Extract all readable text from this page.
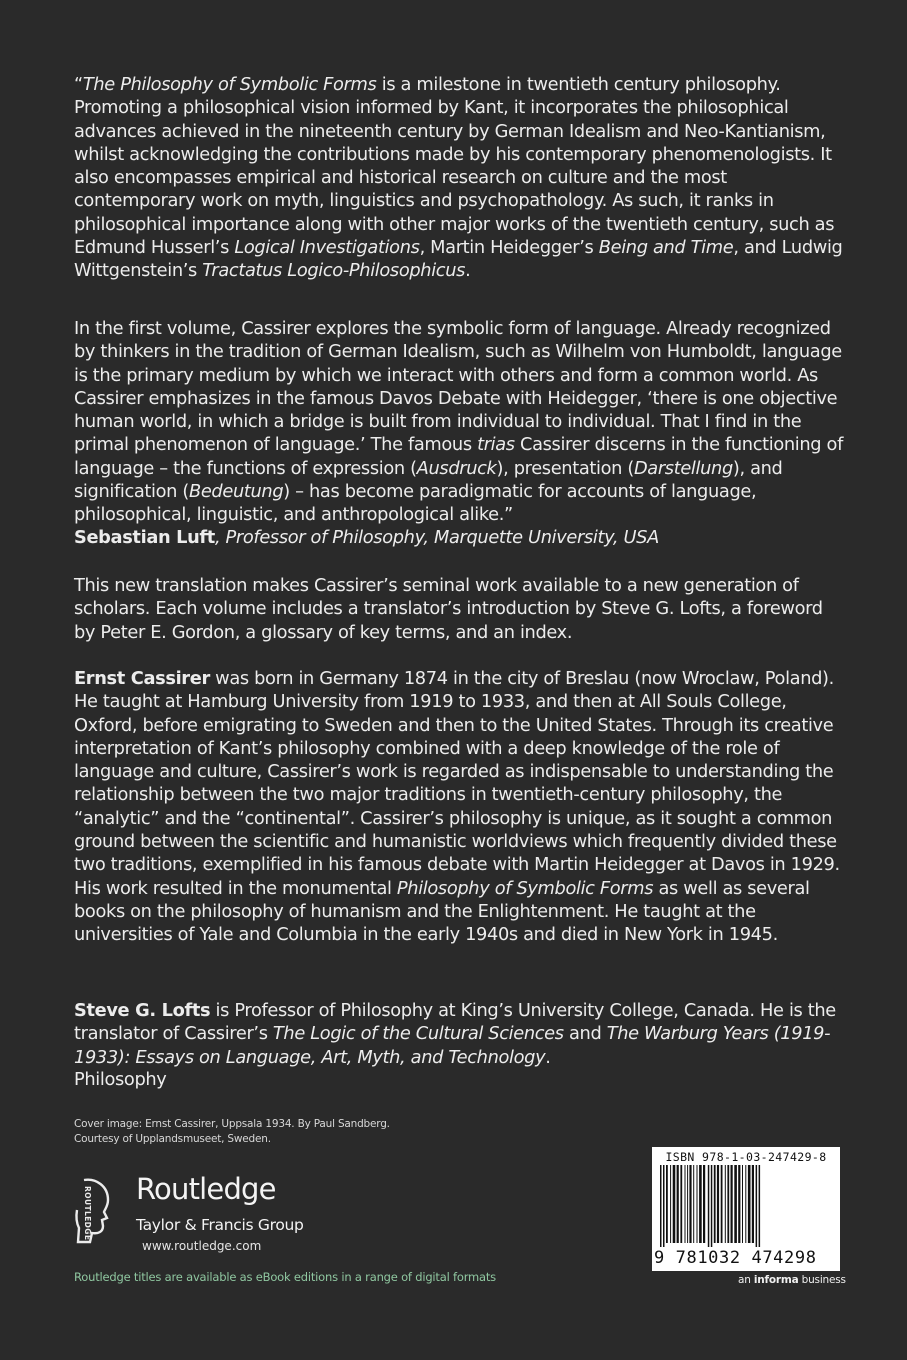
“The Philosophy of Symbolic Forms is a milestone in twentieth century philosophy. Promoting a philosophical vision informed by Kant, it incorporates the philosophical advances achieved in the nineteenth century by German Idealism and Neo-Kantianism, whilst acknowledging the contributions made by his contemporary phenomenologists. It also encompasses empirical and historical research on culture and the most contemporary work on myth, linguistics and psychopathology. As such, it ranks in philosophical importance along with other major works of the twentieth century, such as Edmund Husserl’s Logical Investigations, Martin Heidegger’s Being and Time, and Ludwig Wittgenstein’s Tractatus Logico-Philosophicus.

In the first volume, Cassirer explores the symbolic form of language. Already recognized by thinkers in the tradition of German Idealism, such as Wilhelm von Humboldt, language is the primary medium by which we interact with others and form a common world. As Cassirer emphasizes in the famous Davos Debate with Heidegger, ‘there is one objective human world, in which a bridge is built from individual to individual. That I find in the primal phenomenon of language.’ The famous trias Cassirer discerns in the functioning of language – the functions of expression (Ausdruck), presentation (Darstellung), and signification (Bedeutung) – has become paradigmatic for accounts of language, philosophical, linguistic, and anthropological alike.”

Sebastian Luft, Professor of Philosophy, Marquette University, USA

This new translation makes Cassirer’s seminal work available to a new generation of scholars. Each volume includes a translator’s introduction by Steve G. Lofts, a foreword by Peter E. Gordon, a glossary of key terms, and an index.

Ernst Cassirer was born in Germany 1874 in the city of Breslau (now Wroclaw, Poland). He taught at Hamburg University from 1919 to 1933, and then at All Souls College, Oxford, before emigrating to Sweden and then to the United States. Through its creative interpretation of Kant’s philosophy combined with a deep knowledge of the role of language and culture, Cassirer’s work is regarded as indispensable to understanding the relationship between the two major traditions in twentieth-century philosophy, the “analytic” and the “continental”. Cassirer’s philosophy is unique, as it sought a common ground between the scientific and humanistic worldviews which frequently divided these two traditions, exemplified in his famous debate with Martin Heidegger at Davos in 1929. His work resulted in the monumental Philosophy of Symbolic Forms as well as several books on the philosophy of humanism and the Enlightenment. He taught at the universities of Yale and Columbia in the early 1940s and died in New York in 1945.

Steve G. Lofts is Professor of Philosophy at King’s University College, Canada. He is the translator of Cassirer’s The Logic of the Cultural Sciences and The Warburg Years (1919-1933): Essays on Language, Art, Myth, and Technology.

Philosophy

Cover image: Ernst Cassirer, Uppsala 1934. By Paul Sandberg.
Courtesy of Upplandsmuseet, Sweden.
ROUTLEDGE Routledge
Taylor & Francis Group
www.routledge.com
Routledge titles are available as eBook editions in a range of digital formats
ISBN 978-1-03-247429-8
9 781032 474298
an informa business
